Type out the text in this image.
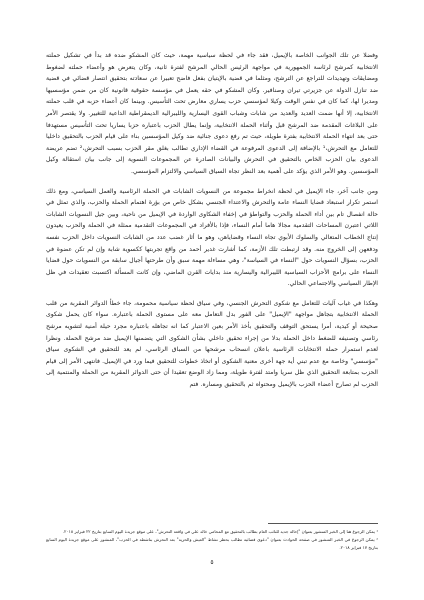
وفضلا عن تلك الجوانب الخاصة بالإيميل، فقد جاء في لحظة سياسية مهمة، حيث كان المشكو ضده قد بدأ في تشكيل حملته الانتخابية كمرشح لرئاسة الجمهورية في مواجهة الرئيس الحالي المرشح لفترة ثانية، وكان يتعرض هو وأعضاء حملته لضغوط ومضايقات وتهديدات للتراجع عن الترشح، ومثلما في قضية بالإيتيان بفعل فاضح تعبيرا عن سعادته بتحقيق انتصار قضائي في قضية ضد تنازل الدولة عن جزيرتي تيران وصنافير. وكان المشكو في حقه يعمل في مؤسسة حقوقية قانونية كان من ضمن مؤسسيها ومديرا لها، كما كان في نفس الوقت وكيلا لمؤسسي حزب يساري معارض تحت التأسيس. وبينما كان أعضاء حزبه في قلب حملته الانتخابية، إلا أنها ضمت العديد والعديد من شابات وشباب القوى اليسارية والليبرالية الديمقراطية الداعية للتغيير. ولا يقتصر الأمر على البلاغات المقدمة ضد المرشح قبل وأثناء الحملة الانتخابية، وإنما يطال الحزب باعتباره حزبا يساريا تحت التأسيس مستهدفا حتى بعد انتهاء الحملة الانتخابية بفترة طويلة، حيث تم رفع دعوى جنائية ضد وكيل المؤسسين بناء على قيام الحزب بالتحقيق داخليا للتعامل مع التحرش،¹ بالإضافة إلى الدعوى المرفوعة في القضاء الإداري تطالب بغلق مقر الحزب بسبب التحرش،² تضم عريضة الدعوى بيان الحزب الخاص بالتحقيق في التحرش والبيانات الصادرة عن المجموعات النسوية إلى جانب بيان استقالة وكيل المؤسسين. وهو الأمر الذي يؤكد على أهمية بعد النظر تجاه السياق السياسي والالتزام المؤسسي.

ومن جانب آخر، جاء الإيميل في لحظة انخراط مجموعة من النسويات الشابات في الحملة الرئاسية والعمل السياسي، ومع ذلك استمر تكرار استبعاد قضايا النساء عامة والتحرش والاعتداء الجنسي بشكل خاص من بؤرة اهتمام الحملة والحزب، والذي تمثل في حالة انفصال تام بين أداء الحملة والحزب والتواطؤ في إخفاء الشكاوى الواردة في الإيميل من ناحية، وبين جيل النسويات الشابات اللاتي اعتبرن المساحات التقدمية مجالا هاما أمام النساء، فإذا بالأفراد في المجموعات التقدمية ممثلة في الحملة والحزب يعيدون إنتاج الخطاب المتعالي والسلوك الأبوي تجاه النساء وقضاياهن، وهو ما أثار غضب عدد من الشابات النسويات داخل الحزب نفسه ودفعهن إلى الخروج منه. وقد ارتبطت تلك الأزمة، كما أشارت غدير أحمد من واقع تجربتها ككسوية شابة وإن لم تكن عضوة في الحزب، بسؤال النسويات حول "النساء في السياسة"، وهي مساءلة مهمة سبق وأن طرحتها أجيال سابقة من النسويات حول قضايا النساء على برامج الأحزاب السياسية الليبرالية واليسارية منذ بدايات القرن الماضي، وإن كانت المسألة اكتسبت تعقيدات في ظل الإطار السياسي والاجتماعي الحالي.

وهكذا في غياب آليات للتعامل مع شكوى التحرش الجنسي، وفي سياق لحظة سياسية محمومة، جاء خطأ الدوائر المقربة من قلب الحملة الانتخابية بتجاهل مواجهة "الإيميل" على الفور بدل التعامل معه على مستوى الحملة باعتباره. سواء كان يحمل شكوى صحيحة أو كيدية، أمرا يستحق التوقف والتحقيق بأخذ الأمر بعين الاعتبار كما انه تجاهله باعتباره مجرد حيلة أمنية لتشويه مرشح رئاسي وتصنيفه للضغط داخل الحملة بدلا من إجراء تحقيق داخلي بشأن الشكوى التي يتضمنها الإيميل ضد مرشح الحملة. ونظرا لعدم استمرار حملة الانتخابات الرئاسية باعلان انسحاب مرشحها من السباق الرئاسي، لم يعد للتحقيق في الشكوى سياق "مؤسسي" وخاصة مع عدم تبني أية جهة أخرى معنية الشكوى أو اتخاذ خطوات للتحقيق فيما ورد في الإيميل. فانتهى الأمر إلى قيام الحزب بمتابعة التحقيق الذي ظل سريا وامتد لفترة طويلة، ومما زاد الوضع تعقيدا أن حتى الدوائر المقربة من الحملة والمنتمية إلى الحزب لم تصارح أعضاء الحزب بالإيميل ومحتواه ثم بالتحقيق ومساره. فتم

¹ يمكن الرجوع هنا إلى الخبر المنشور بعنوان "إحالة جديد للنائب العام بطالب بالتحقيق مع المحامي خالد علي في واقعة التحرش"، على موقع جريدة اليوم السابع بتاريخ ٢٢ فبراير ٢٠١٨.

² يمكن الرجوع في الخبر المنشور في صفحة الحوادث بعنوان "دعوى قضائية تطالب بحظر نشاط "العيش والحرية" بعد التحرش بناشطة في الحزب"، المنشور على موقع جريدة اليوم السابع بتاريخ ١٧ فبراير ٢٠١٨.

٥
